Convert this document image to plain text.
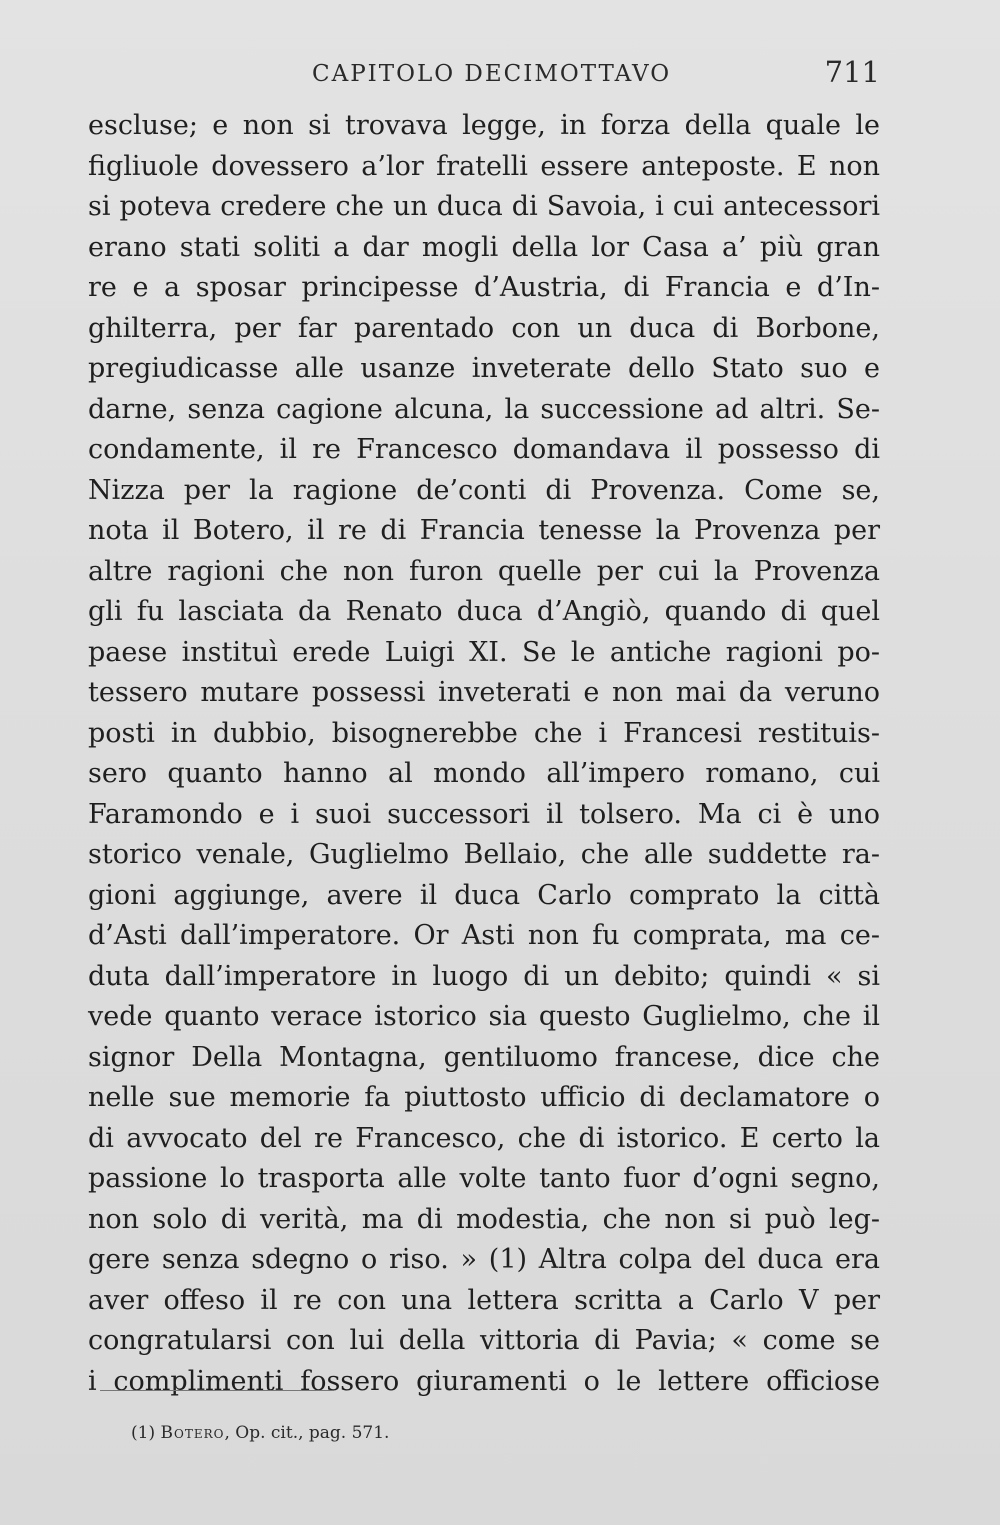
CAPITOLO DECIMOTTAVO	711
escluse; e non si trovava legge, in forza della quale le
figliuole dovessero a’lor fratelli essere anteposte. E non
si poteva credere che un duca di Savoia, i cui antecessori
erano stati soliti a dar mogli della lor Casa a’ più gran
re e a sposar principesse d’Austria, di Francia e d’In-
ghilterra, per far parentado con un duca di Borbone,
pregiudicasse alle usanze inveterate dello Stato suo e
darne, senza cagione alcuna, la successione ad altri. Se-
condamente, il re Francesco domandava il possesso di
Nizza per la ragione de’conti di Provenza. Come se,
nota il Botero, il re di Francia tenesse la Provenza per
altre ragioni che non furon quelle per cui la Provenza
gli fu lasciata da Renato duca d’Angiò, quando di quel
paese instituì erede Luigi XI. Se le antiche ragioni po-
tessero mutare possessi inveterati e non mai da veruno
posti in dubbio, bisognerebbe che i Francesi restituis-
sero quanto hanno al mondo all’impero romano, cui
Faramondo e i suoi successori il tolsero. Ma ci è uno
storico venale, Guglielmo Bellaio, che alle suddette ra-
gioni aggiunge, avere il duca Carlo comprato la città
d’Asti dall’imperatore. Or Asti non fu comprata, ma ce-
duta dall’imperatore in luogo di un debito; quindi « si
vede quanto verace istorico sia questo Guglielmo, che il
signor Della Montagna, gentiluomo francese, dice che
nelle sue memorie fa piuttosto ufficio di declamatore o
di avvocato del re Francesco, che di istorico. E certo la
passione lo trasporta alle volte tanto fuor d’ogni segno,
non solo di verità, ma di modestia, che non si può leg-
gere senza sdegno o riso. » (1) Altra colpa del duca era
aver offeso il re con una lettera scritta a Carlo V per
congratularsi con lui della vittoria di Pavia; « come se
i complimenti fossero giuramenti o le lettere officiose
(1) Botero, Op. cit., pag. 571.
